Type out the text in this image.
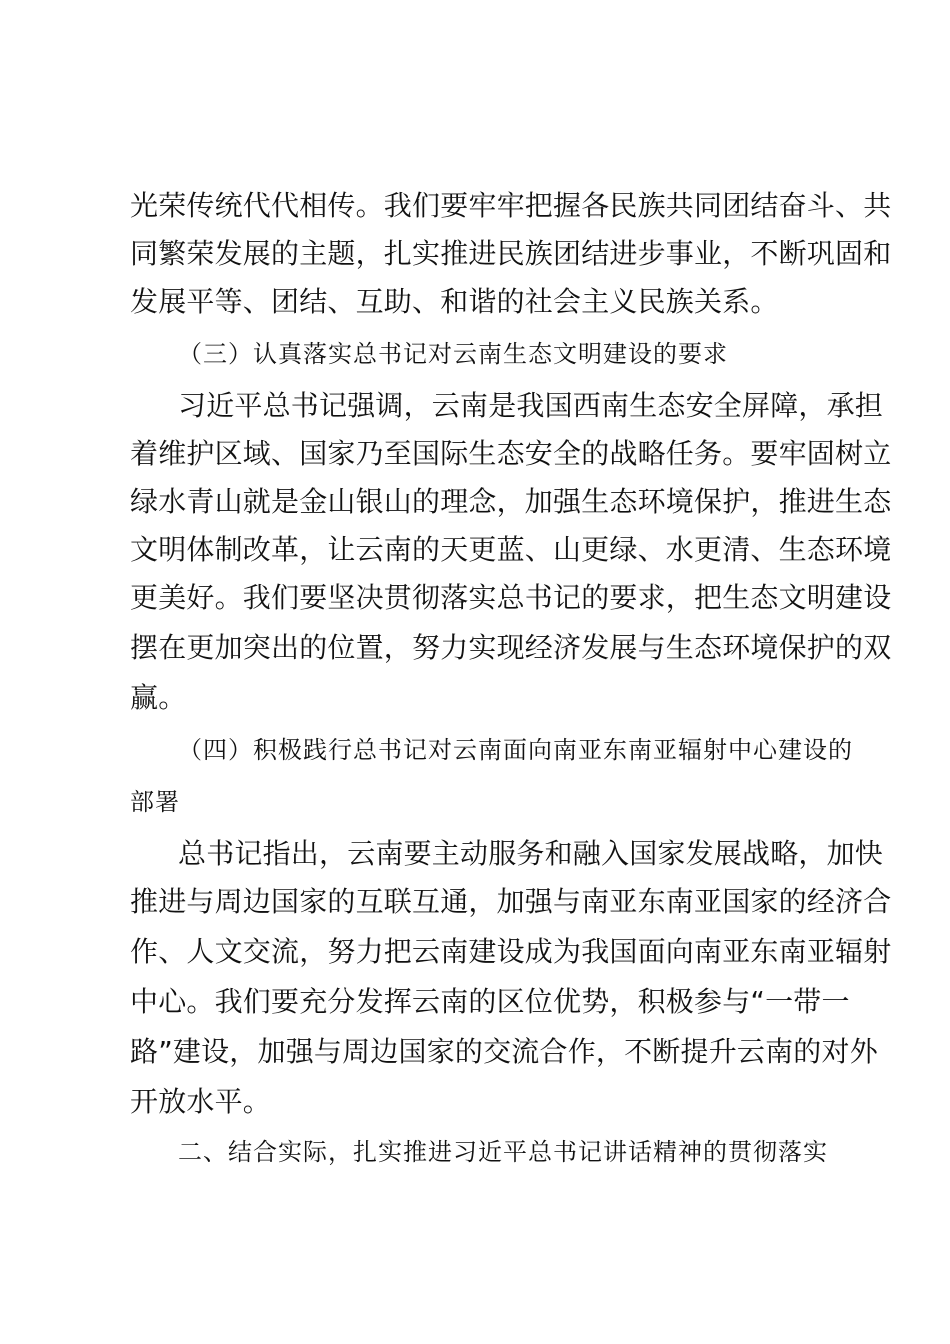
光荣传统代代相传。我们要牢牢把握各民族共同团结奋斗、共
同繁荣发展的主题，扎实推进民族团结进步事业，不断巩固和
发展平等、团结、互助、和谐的社会主义民族关系。
（三）认真落实总书记对云南生态文明建设的要求
习近平总书记强调，云南是我国西南生态安全屏障，承担
着维护区域、国家乃至国际生态安全的战略任务。要牢固树立
绿水青山就是金山银山的理念，加强生态环境保护，推进生态
文明体制改革，让云南的天更蓝、山更绿、水更清、生态环境
更美好。我们要坚决贯彻落实总书记的要求，把生态文明建设
摆在更加突出的位置，努力实现经济发展与生态环境保护的双
赢。
（四）积极践行总书记对云南面向南亚东南亚辐射中心建设的
部署
总书记指出，云南要主动服务和融入国家发展战略，加快
推进与周边国家的互联互通，加强与南亚东南亚国家的经济合
作、人文交流，努力把云南建设成为我国面向南亚东南亚辐射
中心。我们要充分发挥云南的区位优势，积极参与“一带一
路”建设，加强与周边国家的交流合作，不断提升云南的对外
开放水平。
二、结合实际，扎实推进习近平总书记讲话精神的贯彻落实
